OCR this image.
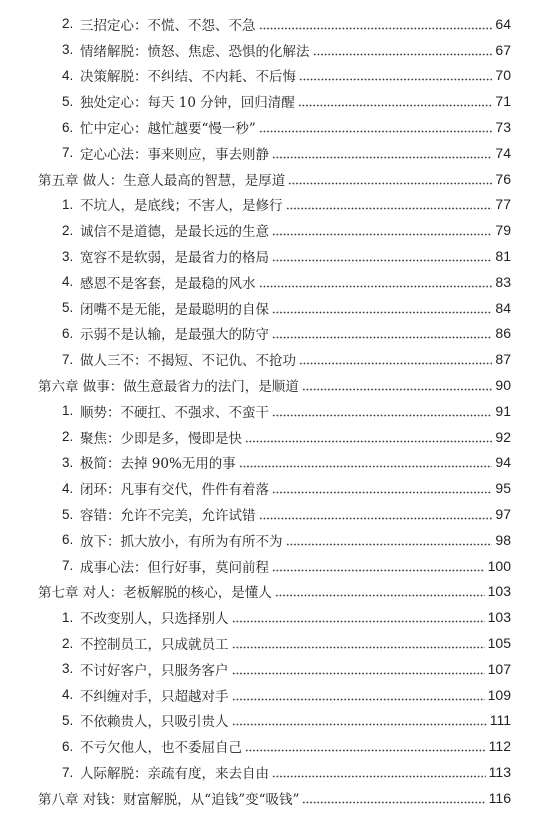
2. 三招定心：不慌、不怨、不急	64
3. 情绪解脱：愤怒、焦虑、恐惧的化解法	67
4. 决策解脱：不纠结、不内耗、不后悔	70
5. 独处定心：每天 10 分钟，回归清醒	71
6. 忙中定心：越忙越要“慢一秒”	73
7. 定心心法：事来则应，事去则静	74
第五章 做人：生意人最高的智慧，是厚道	76
1. 不坑人，是底线；不害人，是修行	77
2. 诚信不是道德，是最长远的生意	79
3. 宽容不是软弱，是最省力的格局	81
4. 感恩不是客套，是最稳的风水	83
5. 闭嘴不是无能，是最聪明的自保	84
6. 示弱不是认输，是最强大的防守	86
7. 做人三不：不揭短、不记仇、不抢功	87
第六章 做事：做生意最省力的法门，是顺道	90
1. 顺势：不硬扛、不强求、不蛮干	91
2. 聚焦：少即是多，慢即是快	92
3. 极简：去掉 90%无用的事	94
4. 闭环：凡事有交代，件件有着落	95
5. 容错：允许不完美，允许试错	97
6. 放下：抓大放小，有所为有所不为	98
7. 成事心法：但行好事，莫问前程	100
第七章 对人：老板解脱的核心，是懂人	103
1. 不改变别人，只选择别人	103
2. 不控制员工，只成就员工	105
3. 不讨好客户，只服务客户	107
4. 不纠缠对手，只超越对手	109
5. 不依赖贵人，只吸引贵人	111
6. 不亏欠他人，也不委屈自己	112
7. 人际解脱：亲疏有度，来去自由	113
第八章 对钱：财富解脱，从“追钱”变“吸钱”	116
